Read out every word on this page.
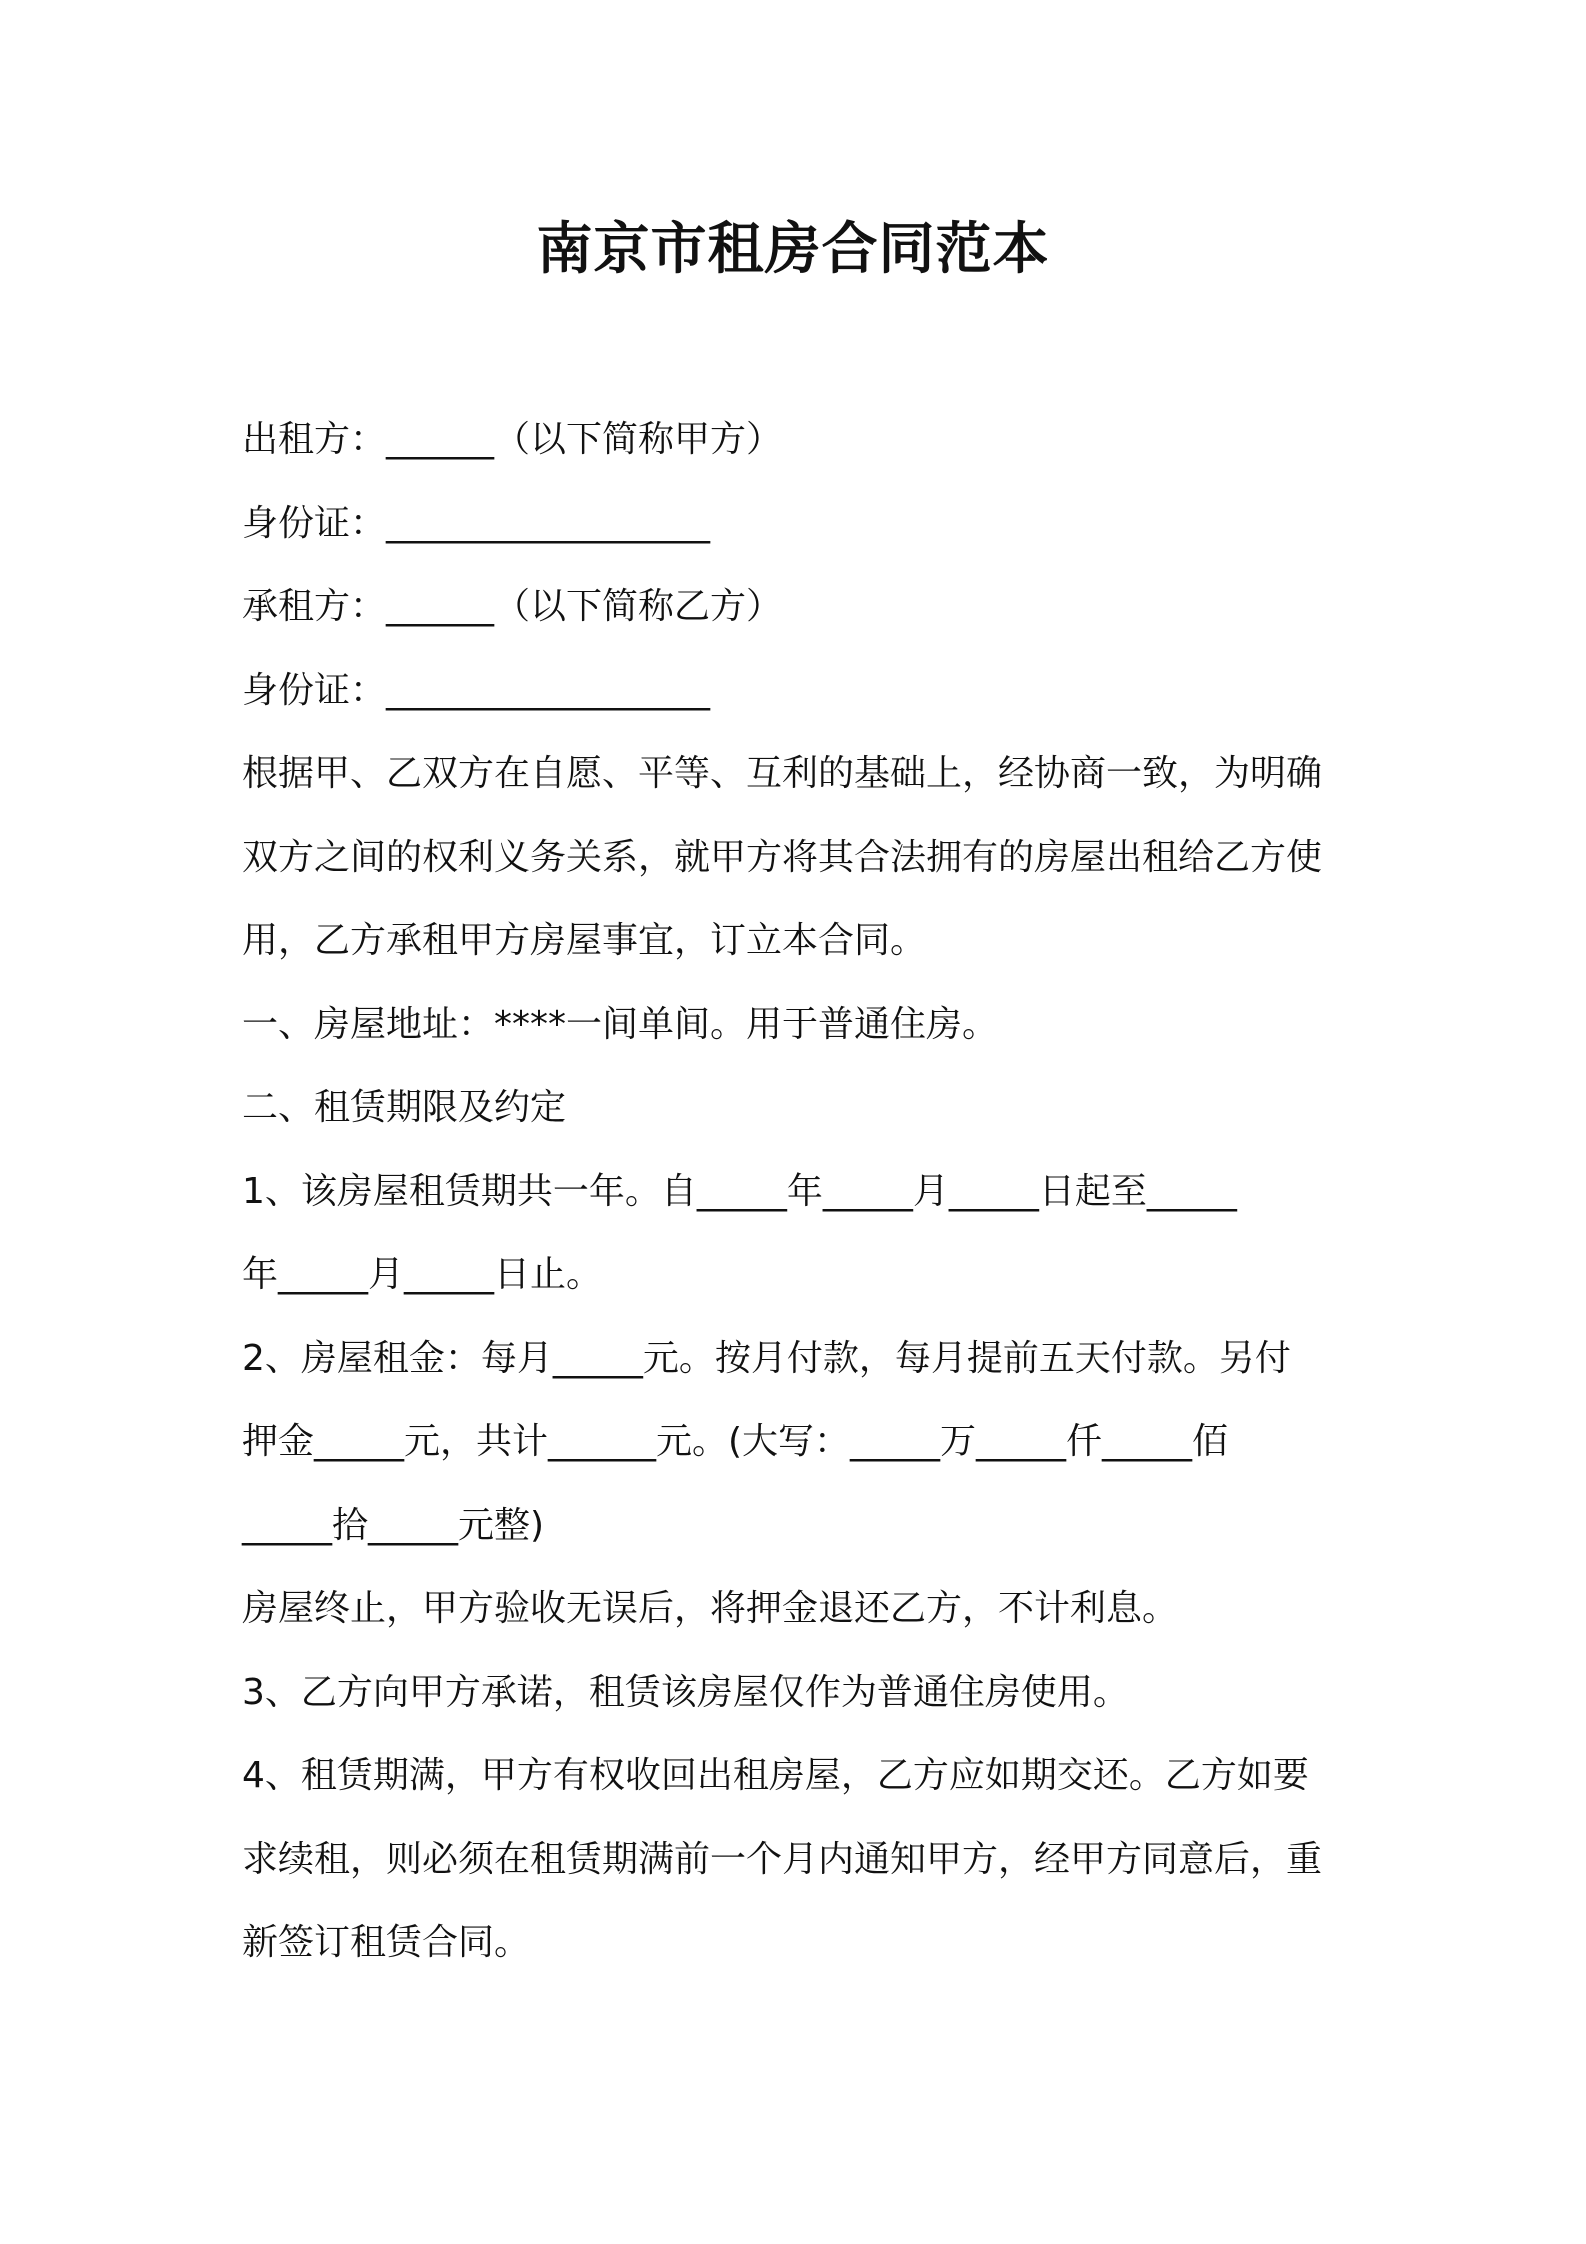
南京市租房合同范本

出租方：______（以下简称甲方）

身份证：__________________

承租方：______（以下简称乙方）

身份证：__________________

根据甲、乙双方在自愿、平等、互利的基础上，经协商一致，为明确

双方之间的权利义务关系，就甲方将其合法拥有的房屋出租给乙方使

用，乙方承租甲方房屋事宜，订立本合同。

一、房屋地址：****一间单间。用于普通住房。

二、租赁期限及约定

1、该房屋租赁期共一年。自_____年_____月_____日起至_____

年_____月_____日止。

2、房屋租金：每月_____元。按月付款，每月提前五天付款。另付

押金_____元，共计______元。(大写：_____万_____仟_____佰

_____拾_____元整)

房屋终止，甲方验收无误后，将押金退还乙方，不计利息。

3、乙方向甲方承诺，租赁该房屋仅作为普通住房使用。

4、租赁期满，甲方有权收回出租房屋，乙方应如期交还。乙方如要

求续租，则必须在租赁期满前一个月内通知甲方，经甲方同意后，重

新签订租赁合同。
